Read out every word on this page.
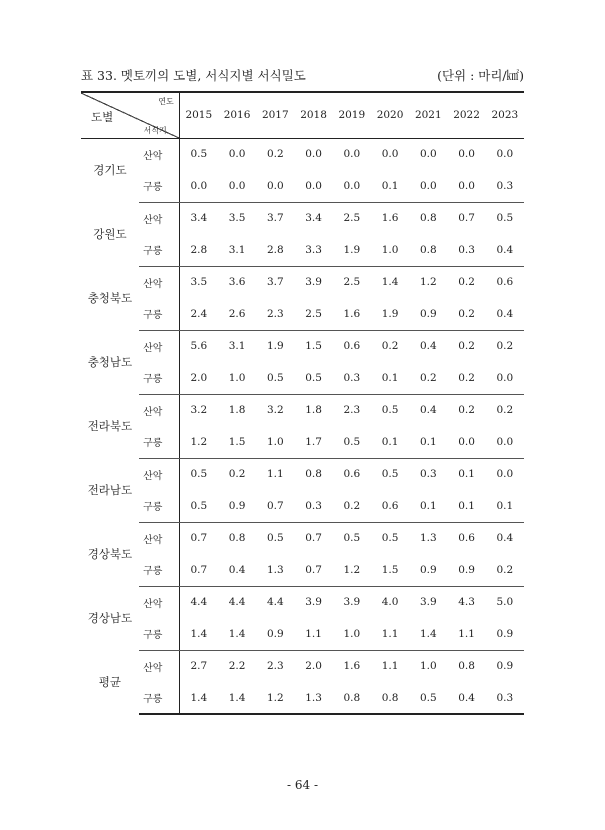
표 33. 멧토끼의 도별, 서식지별 서식밀도	(단위 : 마리/㎢)
도별
연도
서식지		2015	2016	2017	2018	2019	2020	2021	2022	2023
경기도	산악	0.5	0.0	0.2	0.0	0.0	0.0	0.0	0.0	0.0
	구릉	0.0	0.0	0.0	0.0	0.0	0.1	0.0	0.0	0.3
강원도	산악	3.4	3.5	3.7	3.4	2.5	1.6	0.8	0.7	0.5
	구릉	2.8	3.1	2.8	3.3	1.9	1.0	0.8	0.3	0.4
충청북도	산악	3.5	3.6	3.7	3.9	2.5	1.4	1.2	0.2	0.6
	구릉	2.4	2.6	2.3	2.5	1.6	1.9	0.9	0.2	0.4
충청남도	산악	5.6	3.1	1.9	1.5	0.6	0.2	0.4	0.2	0.2
	구릉	2.0	1.0	0.5	0.5	0.3	0.1	0.2	0.2	0.0
전라북도	산악	3.2	1.8	3.2	1.8	2.3	0.5	0.4	0.2	0.2
	구릉	1.2	1.5	1.0	1.7	0.5	0.1	0.1	0.0	0.0
전라남도	산악	0.5	0.2	1.1	0.8	0.6	0.5	0.3	0.1	0.0
	구릉	0.5	0.9	0.7	0.3	0.2	0.6	0.1	0.1	0.1
경상북도	산악	0.7	0.8	0.5	0.7	0.5	0.5	1.3	0.6	0.4
	구릉	0.7	0.4	1.3	0.7	1.2	1.5	0.9	0.9	0.2
경상남도	산악	4.4	4.4	4.4	3.9	3.9	4.0	3.9	4.3	5.0
	구릉	1.4	1.4	0.9	1.1	1.0	1.1	1.4	1.1	0.9
평균	산악	2.7	2.2	2.3	2.0	1.6	1.1	1.0	0.8	0.9
	구릉	1.4	1.4	1.2	1.3	0.8	0.8	0.5	0.4	0.3
- 64 -
